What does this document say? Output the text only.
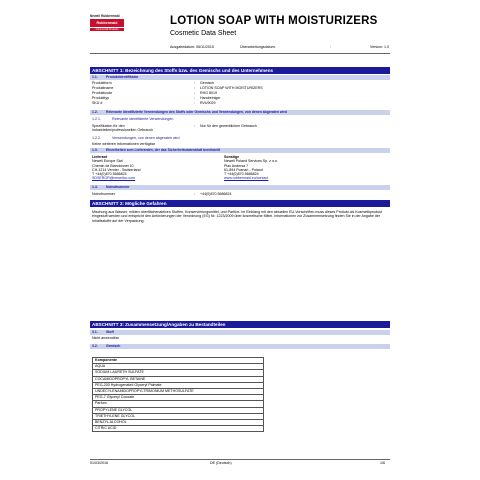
Newell Rubbermaid
Rubbermaid
Commercial Products
LOTION SOAP WITH MOISTURIZERS
Cosmetic Data Sheet
Ausgabedatum: 06/11/2015	Überarbeitungsdatum:	:	Version: 1.0
ABSCHNITT 1: Bezeichnung des Stoffs bzw. des Gemischs und des Unternehmens
1.1. Produktidentifikator
Produktform	: Gemisch
Produktname	: LOTION SOAP WITH MOISTURIZERS
Produktcode	: RHG 8019
Produkttyp	: Handreiniger
SKU #	: RVU9029
1.2. Relevante identifizierte Verwendungen des Stoffs oder Gemischs und Verwendungen, von denen abgeraten wird
1.2.1.	Relevante identifizierte Verwendungen
Spezifikation für den	: Nur für den gewerblichen Gebrauch
industriellen/professionellen Gebrauch
1.2.2.	Verwendungen, von denen abgeraten wird
Keine weiteren Informationen verfügbar
1.3. Einzelheiten zum Lieferanten, der das Sicherheitsdatenblatt bereitstellt
Lieferant
Newell Europe Sàrl
Chemin de Blandonnet 10
CH-1214 Vernier - Switzerland
T +44(0)870 5686824
SDSEROR@newellco.com
Sonstige
Newell Poland Services Sp. z o.o.
Plac Andersa 7
61-894 Poznań - Poland
T +44(0)870 5686824
www.rubbermaid.eu/contact
1.4. Notrufnummer
Notrufnummer	: +44(0)870 5686824
ABSCHNITT 2: Mögliche Gefahren
Mischung aus Wasser, milden oberflächenaktiven Stoffen, Konservierungsmittel, und Parfüm. Im Einklang mit den aktuellen EU-Vorschriften muss dieses Produkt als Kosmetikprodukt eingestuft werden und entspricht den Anforderungen der Verordnung (EG) Nr. 1223/2009 über kosmetische Mittel. Informationen zur Zusammensetzung finden Sie in der Angabe der Inhaltsstoffe auf der Verpackung.
ABSCHNITT 3: Zusammensetzung/Angaben zu Bestandteilen
3.1. Stoff
Nicht anwendbar
3.2. Gemisch
Komponente
AQUA
SODIUM LAURETH SULFATE
COCAMIDOPROPYL BETAINE
PEG-200 Hydrogenated Glyceryl Palmate
UNDECYLENAMIDOPROPYLTRIMONIUM METHOSULFATE
PEG-7 Glyceryl Cocoate
Parfum
PROPYLENE GLYCOL
TRIETHYLENE GLYCOL
BENZYL ALCOHOL
CITRIC ACID
01/03/2016	DE (Deutsch)	1/6
